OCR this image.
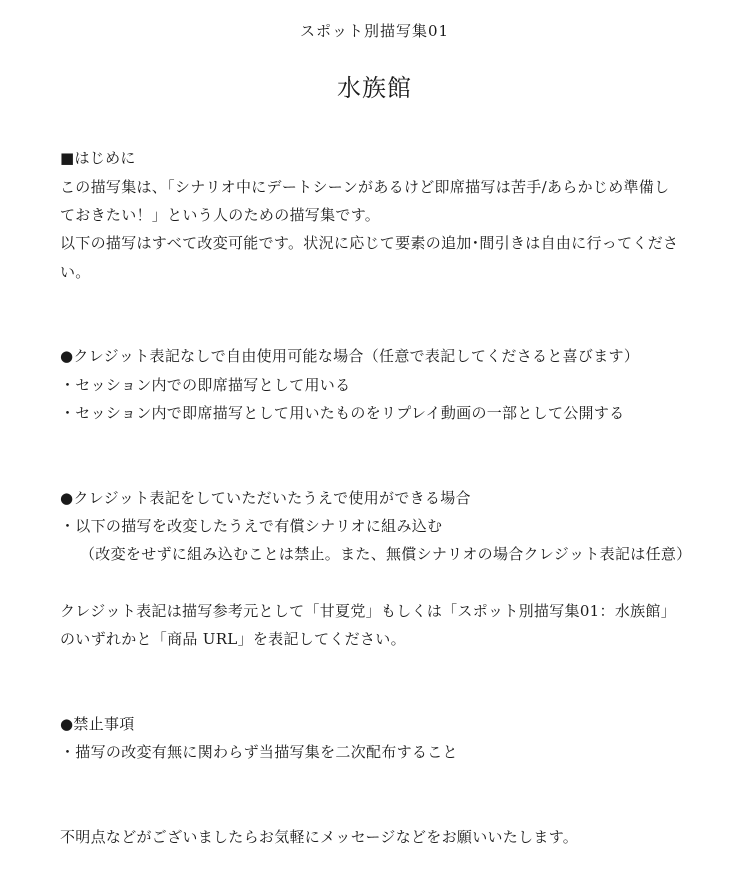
スポット別描写集01
水族館
■はじめに
この描写集は、「シナリオ中にデートシーンがあるけど即席描写は苦手/あらかじめ準備し
ておきたい！」という人のための描写集です。
以下の描写はすべて改変可能です。状況に応じて要素の追加･間引きは自由に行ってくださ
い。
●クレジット表記なしで自由使用可能な場合（任意で表記してくださると喜びます）
・セッション内での即席描写として用いる
・セッション内で即席描写として用いたものをリプレイ動画の一部として公開する
●クレジット表記をしていただいたうえで使用ができる場合
・以下の描写を改変したうえで有償シナリオに組み込む
（改変をせずに組み込むことは禁止。また、無償シナリオの場合クレジット表記は任意）
クレジット表記は描写参考元として「甘夏党」もしくは「スポット別描写集01：水族館」
のいずれかと「商品 URL」を表記してください。
●禁止事項
・描写の改変有無に関わらず当描写集を二次配布すること
不明点などがございましたらお気軽にメッセージなどをお願いいたします。
